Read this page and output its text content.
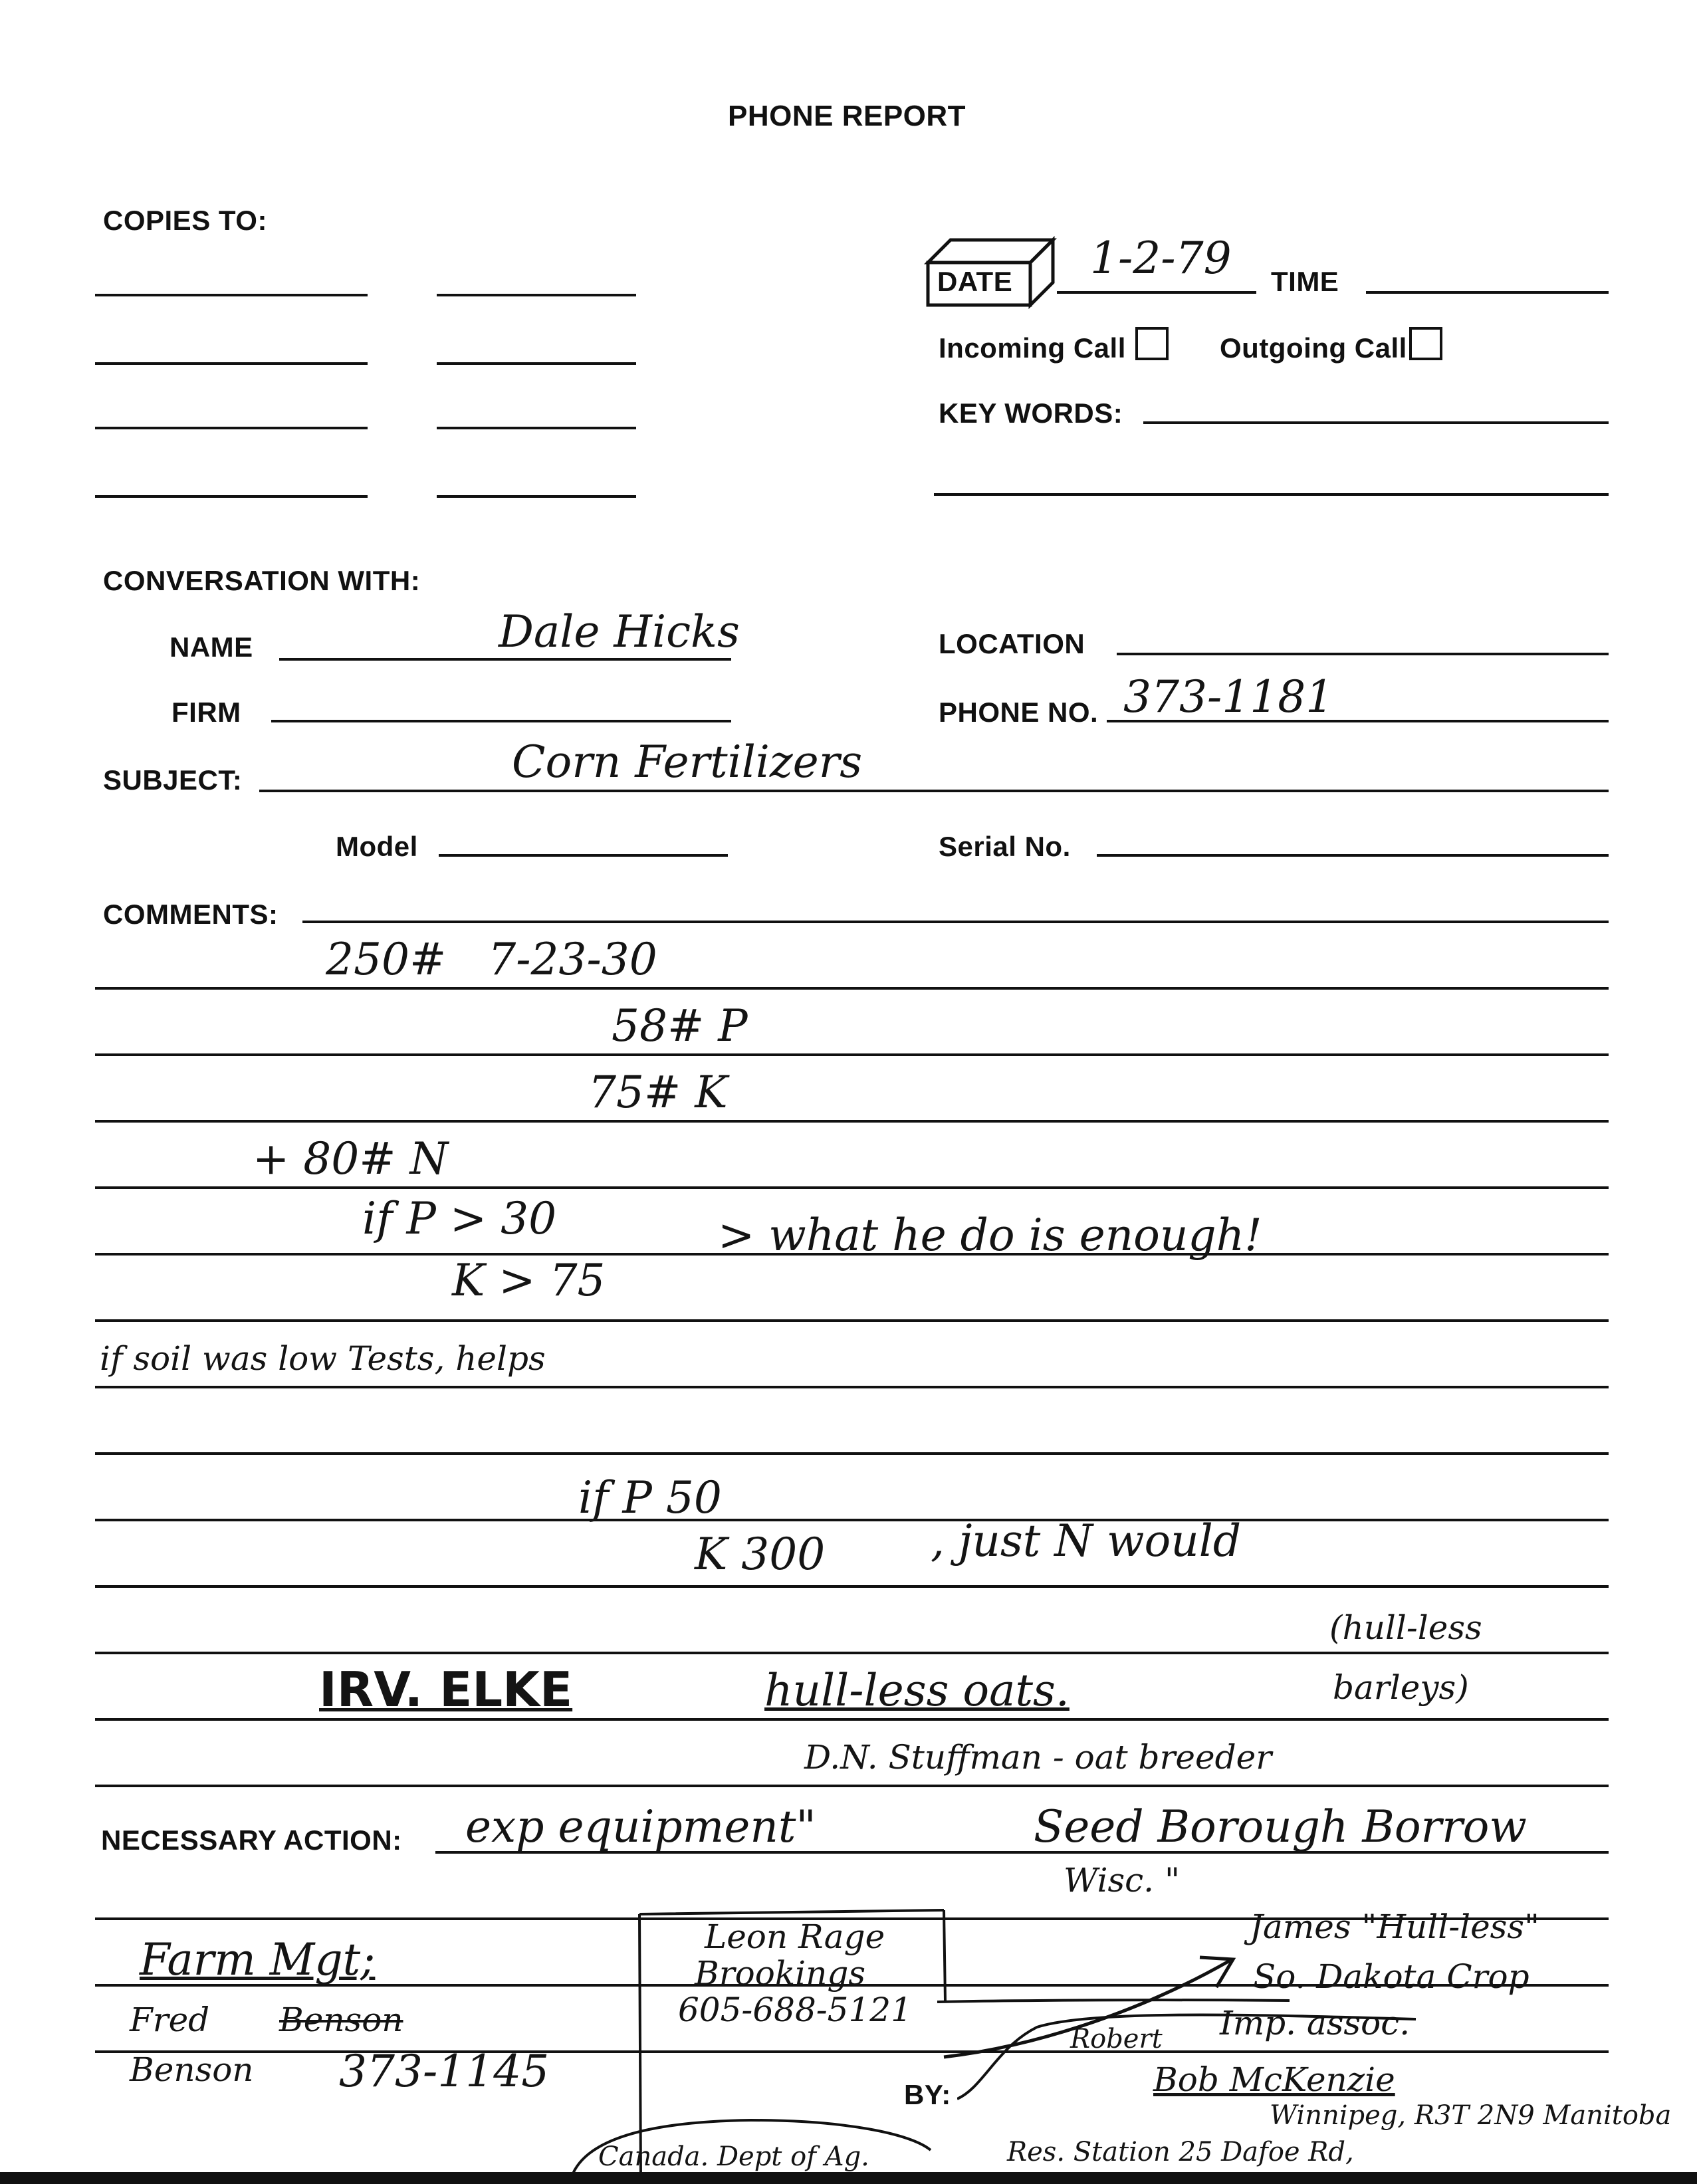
PHONE REPORT
COPIES TO:
DATE 1-2-79 TIME
Incoming Call	Outgoing Call
KEY WORDS:
CONVERSATION WITH:
NAME	Dale Hicks	LOCATION
FIRM	PHONE NO. 373-1181
SUBJECT:	Corn Fertilizers
Model	Serial No.
COMMENTS:
250#   7-23-30
58# P
75# K
+ 80# N
if P > 30
K > 75
> what he do is enough!
if soil was low Tests, helps
if P 50
K 300 , just N would
IRV. ELKE	hull-less oats.
(hull-less
barleys)
D.N. Stuffman - oat breeder
NECESSARY ACTION: exp equipment"	Seed Borough Borrow
Wisc. "
Farm Mgt;
Fred Benson
Benson 373-1145
Leon Rage
Brookings
605-688-5121
James "Hull-less"
So. Dakota Crop
Imp. assoc.
BY:
Robert
Bob McKenzie
Winnipeg, R3T 2N9 Manitoba
Res. Station 25 Dafoe Rd,
Canada. Dept of Ag.
